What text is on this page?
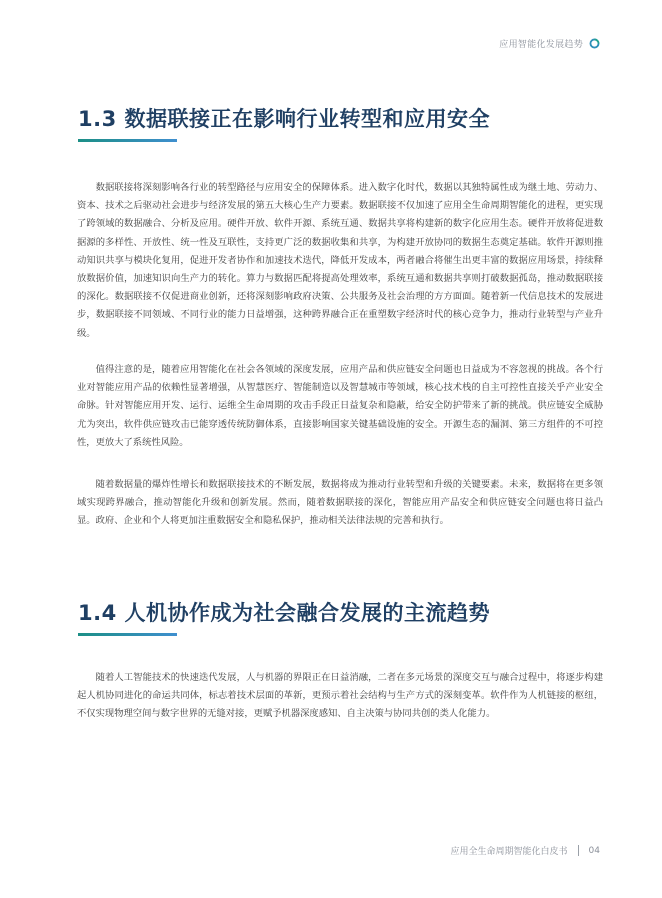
应用智能化发展趋势
1.3 数据联接正在影响行业转型和应用安全

数据联接将深刻影响各行业的转型路径与应用安全的保障体系。进入数字化时代，数据以其独特属性成为继土地、劳动力、资本、技术之后驱动社会进步与经济发展的第五大核心生产力要素。数据联接不仅加速了应用全生命周期智能化的进程，更实现了跨领域的数据融合、分析及应用。硬件开放、软件开源、系统互通、数据共享将构建新的数字化应用生态。硬件开放将促进数据源的多样性、开放性、统一性及互联性，支持更广泛的数据收集和共享，为构建开放协同的数据生态奠定基础。软件开源则推动知识共享与模块化复用，促进开发者协作和加速技术迭代，降低开发成本，两者融合将催生出更丰富的数据应用场景，持续释放数据价值，加速知识向生产力的转化。算力与数据匹配将提高处理效率，系统互通和数据共享则打破数据孤岛，推动数据联接的深化。数据联接不仅促进商业创新，还将深刻影响政府决策、公共服务及社会治理的方方面面。随着新一代信息技术的发展进步，数据联接不同领域、不同行业的能力日益增强，这种跨界融合正在重塑数字经济时代的核心竞争力，推动行业转型与产业升级。

值得注意的是，随着应用智能化在社会各领域的深度发展，应用产品和供应链安全问题也日益成为不容忽视的挑战。各个行业对智能应用产品的依赖性显著增强，从智慧医疗、智能制造以及智慧城市等领域，核心技术栈的自主可控性直接关乎产业安全命脉。针对智能应用开发、运行、运维全生命周期的攻击手段正日益复杂和隐蔽，给安全防护带来了新的挑战。供应链安全威胁尤为突出，软件供应链攻击已能穿透传统防御体系，直接影响国家关键基础设施的安全。开源生态的漏洞、第三方组件的不可控性，更放大了系统性风险。

随着数据量的爆炸性增长和数据联接技术的不断发展，数据将成为推动行业转型和升级的关键要素。未来，数据将在更多领域实现跨界融合，推动智能化升级和创新发展。然而，随着数据联接的深化，智能应用产品安全和供应链安全问题也将日益凸显。政府、企业和个人将更加注重数据安全和隐私保护，推动相关法律法规的完善和执行。

1.4 人机协作成为社会融合发展的主流趋势

随着人工智能技术的快速迭代发展，人与机器的界限正在日益消融，二者在多元场景的深度交互与融合过程中，将逐步构建起人机协同进化的命运共同体，标志着技术层面的革新，更预示着社会结构与生产方式的深刻变革。软件作为人机链接的枢纽，不仅实现物理空间与数字世界的无缝对接，更赋予机器深度感知、自主决策与协同共创的类人化能力。

应用全生命周期智能化白皮书 04
